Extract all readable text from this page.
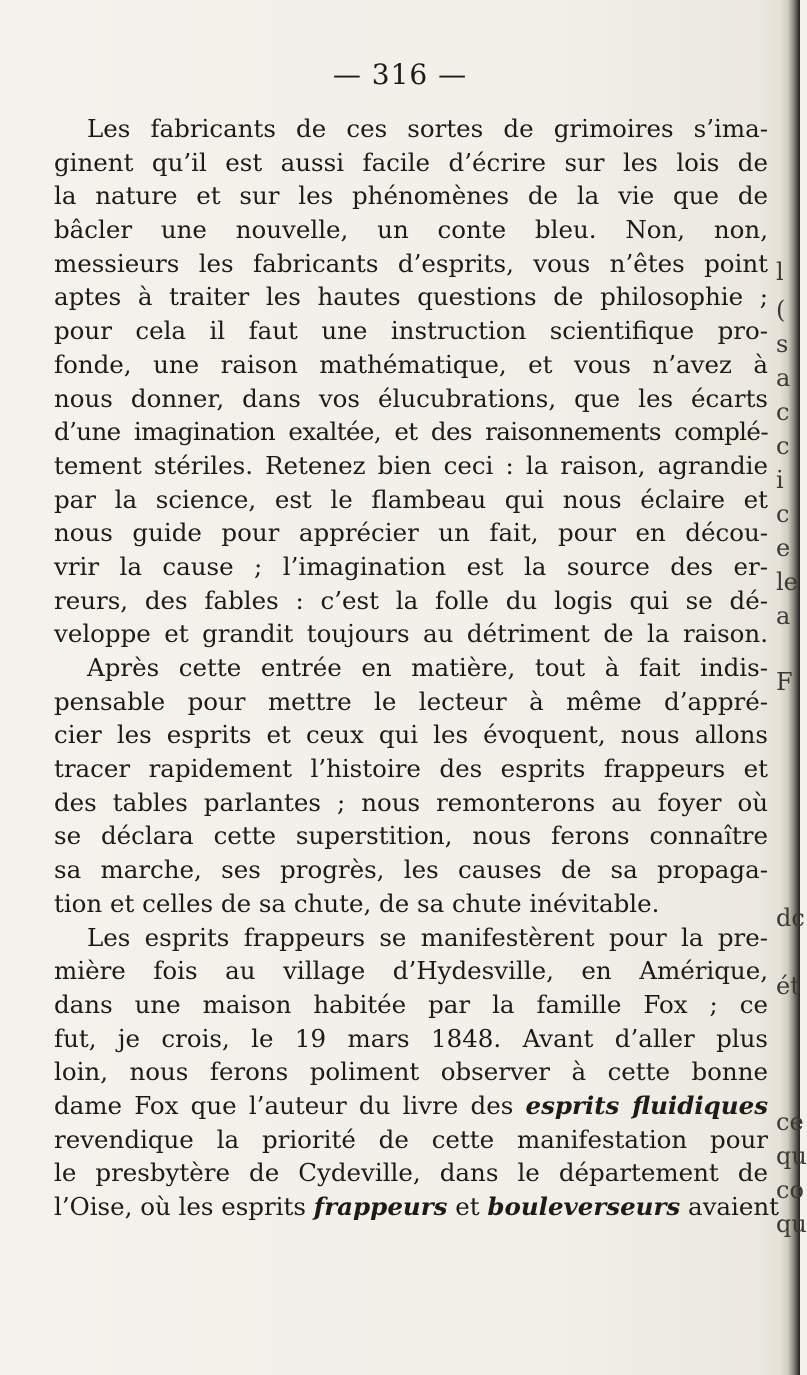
l
(
s
a
c
c
i
c
e
le
a
F
dc
ét
ce
qu
co
qu
— 316 —
Les fabricants de ces sortes de grimoires s’ima-
ginent qu’il est aussi facile d’écrire sur les lois de
la nature et sur les phénomènes de la vie que de
bâcler une nouvelle, un conte bleu. Non, non,
messieurs les fabricants d’esprits, vous n’êtes point
aptes à traiter les hautes questions de philosophie ;
pour cela il faut une instruction scientifique pro-
fonde, une raison mathématique, et vous n’avez à
nous donner, dans vos élucubrations, que les écarts
d’une imagination exaltée, et des raisonnements complé-
tement stériles. Retenez bien ceci : la raison, agrandie
par la science, est le flambeau qui nous éclaire et
nous guide pour apprécier un fait, pour en décou-
vrir la cause ; l’imagination est la source des er-
reurs, des fables : c’est la folle du logis qui se dé-
veloppe et grandit toujours au détriment de la raison.
Après cette entrée en matière, tout à fait indis-
pensable pour mettre le lecteur à même d’appré-
cier les esprits et ceux qui les évoquent, nous allons
tracer rapidement l’histoire des esprits frappeurs et
des tables parlantes ; nous remonterons au foyer où
se déclara cette superstition, nous ferons connaître
sa marche, ses progrès, les causes de sa propaga-
tion et celles de sa chute, de sa chute inévitable.
Les esprits frappeurs se manifestèrent pour la pre-
mière fois au village d’Hydesville, en Amérique,
dans une maison habitée par la famille Fox ; ce
fut, je crois, le 19 mars 1848. Avant d’aller plus
loin, nous ferons poliment observer à cette bonne
dame Fox que l’auteur du livre des esprits fluidiques
revendique la priorité de cette manifestation pour
le presbytère de Cydeville, dans le département de
l’Oise, où les esprits frappeurs et bouleverseurs avaient
